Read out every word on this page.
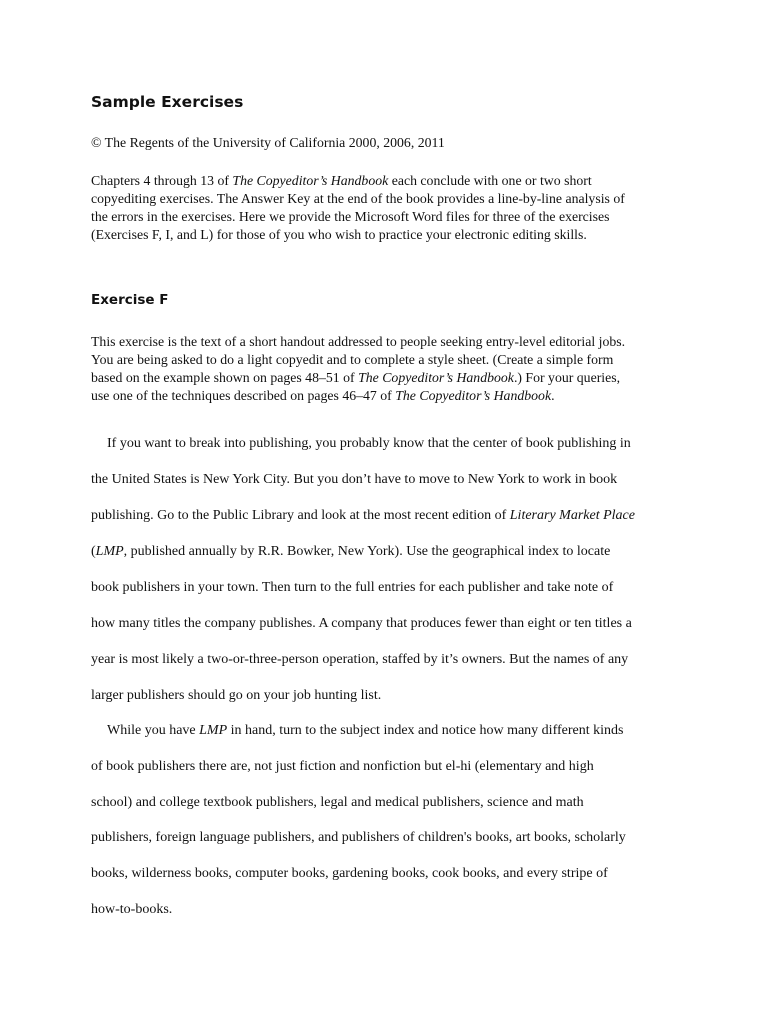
Sample Exercises

© The Regents of the University of California 2000, 2006, 2011

Chapters 4 through 13 of The Copyeditor’s Handbook each conclude with one or two short
copyediting exercises. The Answer Key at the end of the book provides a line-by-line analysis of
the errors in the exercises. Here we provide the Microsoft Word files for three of the exercises
(Exercises F, I, and L) for those of you who wish to practice your electronic editing skills.

Exercise F

This exercise is the text of a short handout addressed to people seeking entry-level editorial jobs.
You are being asked to do a light copyedit and to complete a style sheet. (Create a simple form
based on the example shown on pages 48–51 of The Copyeditor’s Handbook.) For your queries,
use one of the techniques described on pages 46–47 of The Copyeditor’s Handbook.

If you want to break into publishing, you probably know that the center of book publishing in
the United States is New York City. But you don’t have to move to New York to work in book
publishing. Go to the Public Library and look at the most recent edition of Literary Market Place
(LMP, published annually by R.R. Bowker, New York). Use the geographical index to locate
book publishers in your town. Then turn to the full entries for each publisher and take note of
how many titles the company publishes. A company that produces fewer than eight or ten titles a
year is most likely a two-or-three-person operation, staffed by it’s owners. But the names of any
larger publishers should go on your job hunting list.
While you have LMP in hand, turn to the subject index and notice how many different kinds
of book publishers there are, not just fiction and nonfiction but el-hi (elementary and high
school) and college textbook publishers, legal and medical publishers, science and math
publishers, foreign language publishers, and publishers of children's books, art books, scholarly
books, wilderness books, computer books, gardening books, cook books, and every stripe of
how-to-books.
